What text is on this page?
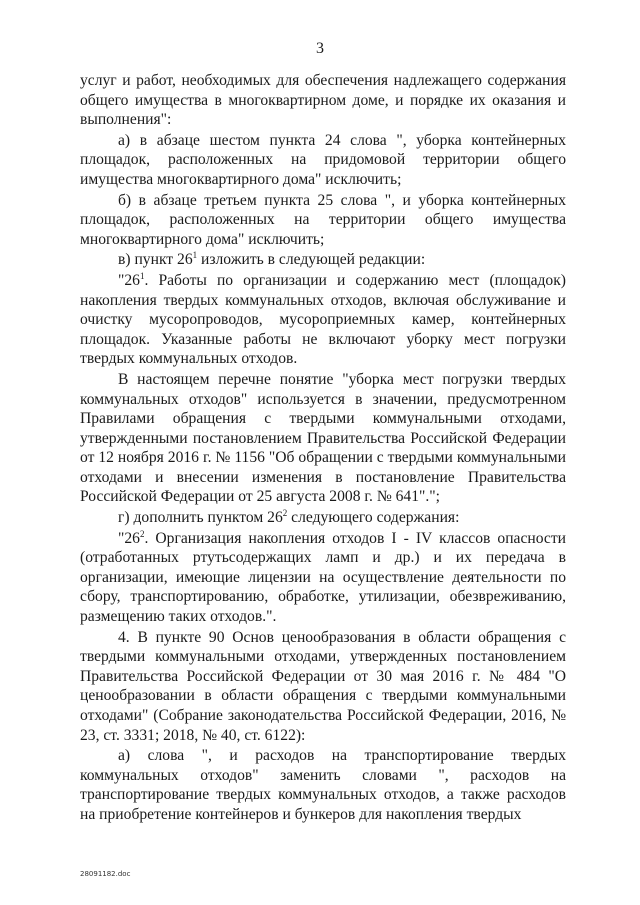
3

услуг и работ, необходимых для обеспечения надлежащего содержания общего имущества в многоквартирном доме, и порядке их оказания и выполнения":

а) в абзаце шестом пункта 24 слова ", уборка контейнерных площадок, расположенных на придомовой территории общего имущества многоквартирного дома" исключить;

б) в абзаце третьем пункта 25 слова ", и уборка контейнерных площадок, расположенных на территории общего имущества многоквартирного дома" исключить;

в) пункт $26^1$ изложить в следующей редакции:

"$26^1$. Работы по организации и содержанию мест (площадок) накопления твердых коммунальных отходов, включая обслуживание и очистку мусоропроводов, мусороприемных камер, контейнерных площадок. Указанные работы не включают уборку мест погрузки твердых коммунальных отходов.

В настоящем перечне понятие "уборка мест погрузки твердых коммунальных отходов" используется в значении, предусмотренном Правилами обращения с твердыми коммунальными отходами, утвержденными постановлением Правительства Российской Федерации от 12 ноября 2016 г. № 1156 "Об обращении с твердыми коммунальными отходами и внесении изменения в постановление Правительства Российской Федерации от 25 августа 2008 г. № 641".";

г) дополнить пунктом $26^2$ следующего содержания:

"$26^2$. Организация накопления отходов I - IV классов опасности (отработанных ртутьсодержащих ламп и др.) и их передача в организации, имеющие лицензии на осуществление деятельности по сбору, транспортированию, обработке, утилизации, обезвреживанию, размещению таких отходов.".

4. В пункте 90 Основ ценообразования в области обращения с твердыми коммунальными отходами, утвержденных постановлением Правительства Российской Федерации от 30 мая 2016 г. № 484 "О ценообразовании в области обращения с твердыми коммунальными отходами" (Собрание законодательства Российской Федерации, 2016, № 23, ст. 3331; 2018, № 40, ст. 6122):

а) слова ", и расходов на транспортирование твердых коммунальных отходов" заменить словами ", расходов на транспортирование твердых коммунальных отходов, а также расходов на приобретение контейнеров и бункеров для накопления твердых

28091182.doc
